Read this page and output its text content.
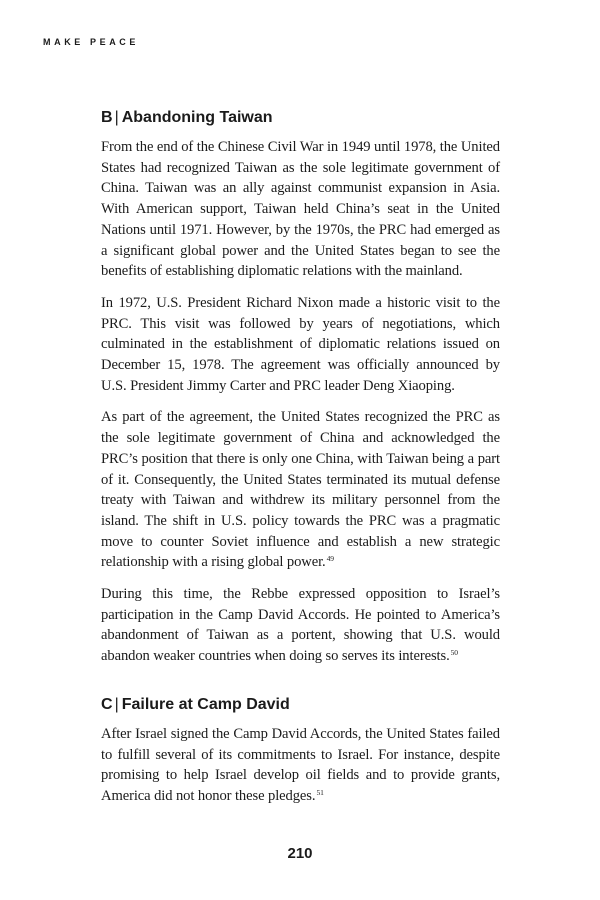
MAKE PEACE
B | Abandoning Taiwan

From the end of the Chinese Civil War in 1949 until 1978, the United States had recognized Taiwan as the sole legitimate government of China. Taiwan was an ally against communist expansion in Asia. With American support, Taiwan held China’s seat in the United Nations until 1971. However, by the 1970s, the PRC had emerged as a significant global power and the United States began to see the benefits of establishing diplomatic relations with the mainland.

In 1972, U.S. President Richard Nixon made a historic visit to the PRC. This visit was followed by years of negotiations, which culminated in the establishment of diplomatic relations issued on December 15, 1978. The agreement was officially announced by U.S. President Jimmy Carter and PRC leader Deng Xiaoping.

As part of the agreement, the United States recognized the PRC as the sole legitimate government of China and acknowledged the PRC’s position that there is only one China, with Taiwan being a part of it. Consequently, the United States terminated its mutual defense treaty with Taiwan and withdrew its military personnel from the island. The shift in U.S. policy towards the PRC was a pragmatic move to counter Soviet influence and establish a new strategic relationship with a rising global power.$^{49}$

During this time, the Rebbe expressed opposition to Israel’s participation in the Camp David Accords. He pointed to America’s abandonment of Taiwan as a portent, showing that U.S. would abandon weaker countries when doing so serves its interests.$^{50}$

C | Failure at Camp David

After Israel signed the Camp David Accords, the United States failed to fulfill several of its commitments to Israel. For instance, despite promising to help Israel develop oil fields and to provide grants, America did not honor these pledges.$^{51}$

210
